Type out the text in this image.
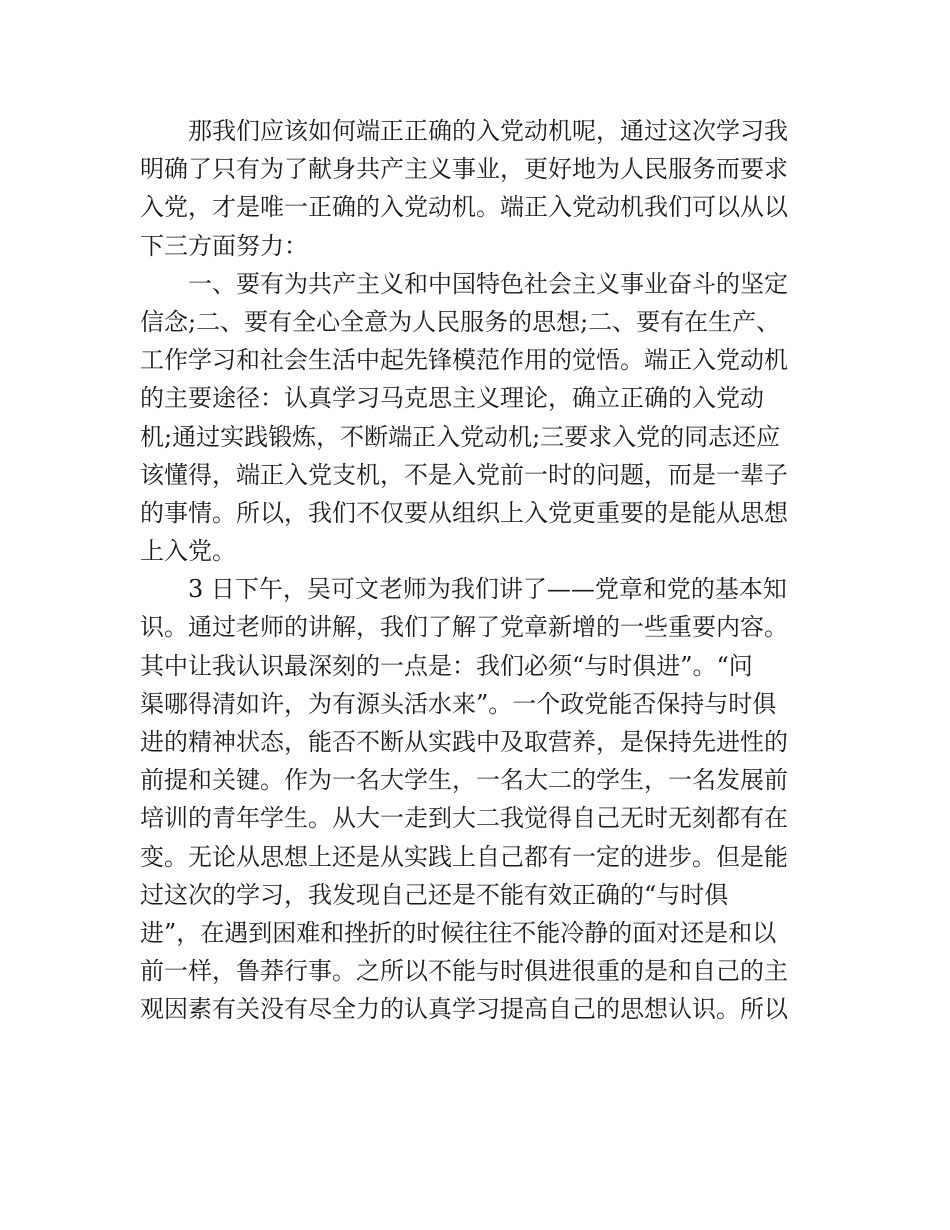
那我们应该如何端正正确的入党动机呢，通过这次学习我
明确了只有为了献身共产主义事业，更好地为人民服务而要求
入党，才是唯一正确的入党动机。端正入党动机我们可以从以
下三方面努力：
一、要有为共产主义和中国特色社会主义事业奋斗的坚定
信念;二、要有全心全意为人民服务的思想;二、要有在生产、
工作学习和社会生活中起先锋模范作用的觉悟。端正入党动机
的主要途径：认真学习马克思主义理论，确立正确的入党动
机;通过实践锻炼，不断端正入党动机;三要求入党的同志还应
该懂得，端正入党支机，不是入党前一时的问题，而是一辈子
的事情。所以，我们不仅要从组织上入党更重要的是能从思想
上入党。
3 日下午，吴可文老师为我们讲了——党章和党的基本知
识。通过老师的讲解，我们了解了党章新增的一些重要内容。
其中让我认识最深刻的一点是：我们必须“与时俱进”。“问
渠哪得清如许，为有源头活水来”。一个政党能否保持与时俱
进的精神状态，能否不断从实践中及取营养，是保持先进性的
前提和关键。作为一名大学生，一名大二的学生，一名发展前
培训的青年学生。从大一走到大二我觉得自己无时无刻都有在
变。无论从思想上还是从实践上自己都有一定的进步。但是能
过这次的学习，我发现自己还是不能有效正确的“与时俱
进”，在遇到困难和挫折的时候往往不能冷静的面对还是和以
前一样，鲁莽行事。之所以不能与时俱进很重的是和自己的主
观因素有关没有尽全力的认真学习提高自己的思想认识。所以
